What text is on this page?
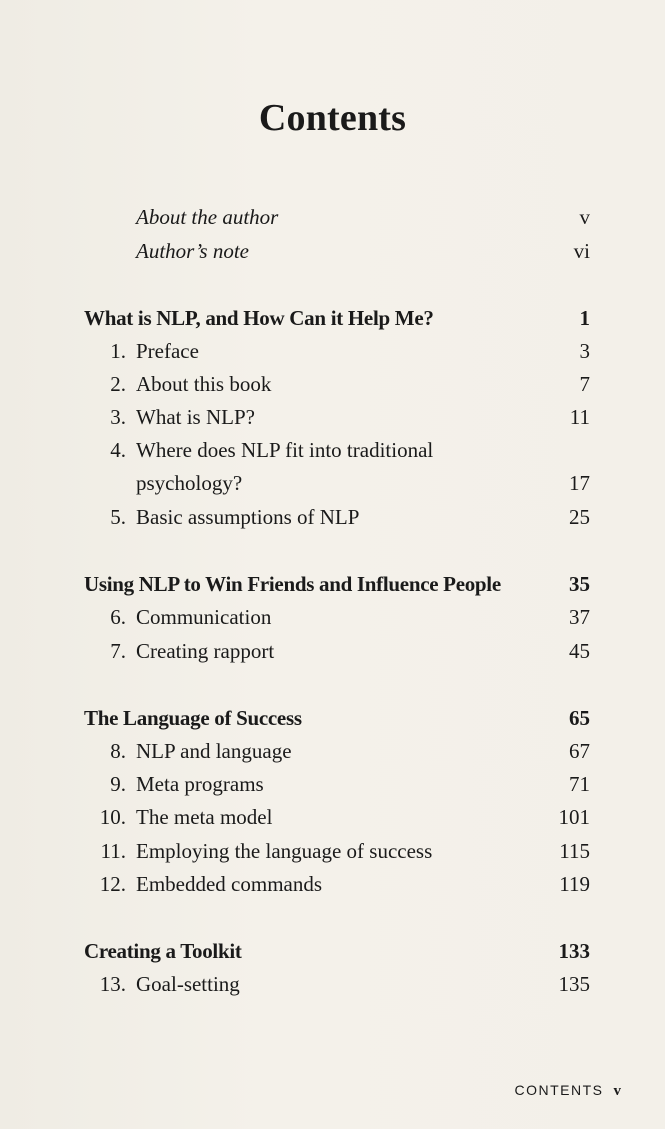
Contents
About the author	v
Author’s note	vi
What is NLP, and How Can it Help Me?	1
1. Preface	3
2. About this book	7
3. What is NLP?	11
4. Where does NLP fit into traditional
psychology?	17
5. Basic assumptions of NLP	25
Using NLP to Win Friends and Influence People	35
6. Communication	37
7. Creating rapport	45
The Language of Success	65
8. NLP and language	67
9. Meta programs	71
10. The meta model	101
11. Employing the language of success	115
12. Embedded commands	119
Creating a Toolkit	133
13. Goal-setting	135
CONTENTS v
